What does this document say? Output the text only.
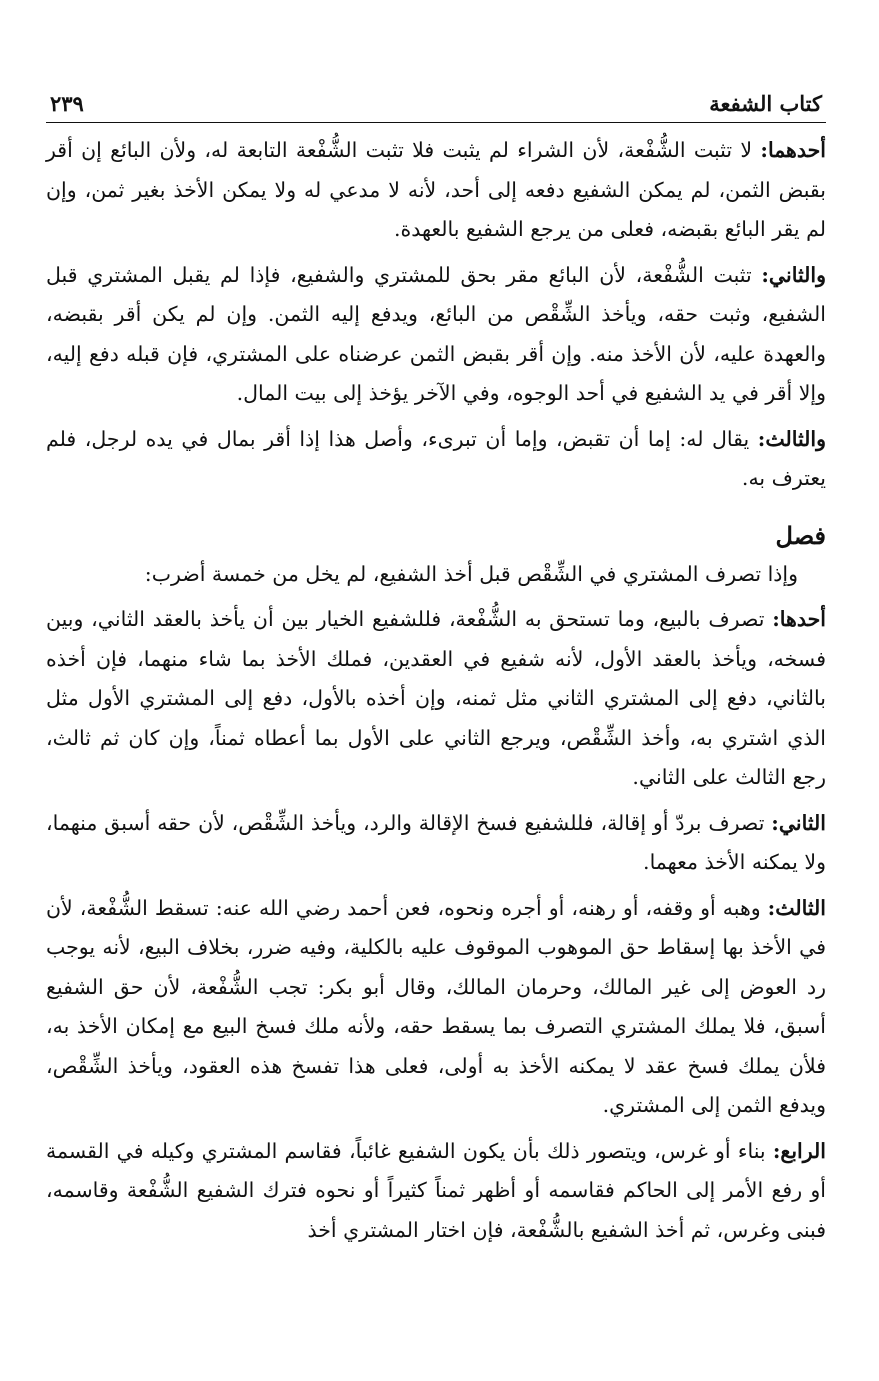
كتاب الشفعة
٢٣٩

أحدهما: لا تثبت الشُّفْعة، لأن الشراء لم يثبت فلا تثبت الشُّفْعة التابعة له، ولأن البائع إن أقر بقبض الثمن، لم يمكن الشفيع دفعه إلى أحد، لأنه لا مدعي له ولا يمكن الأخذ بغير ثمن، وإن لم يقر البائع بقبضه، فعلى من يرجع الشفيع بالعهدة.

والثاني: تثبت الشُّفْعة، لأن البائع مقر بحق للمشتري والشفيع، فإذا لم يقبل المشتري قبل الشفيع، وثبت حقه، ويأخذ الشِّقْص من البائع، ويدفع إليه الثمن. وإن لم يكن أقر بقبضه، والعهدة عليه، لأن الأخذ منه. وإن أقر بقبض الثمن عرضناه على المشتري، فإن قبله دفع إليه، وإلا أقر في يد الشفيع في أحد الوجوه، وفي الآخر يؤخذ إلى بيت المال.

والثالث: يقال له: إما أن تقبض، وإما أن تبرىء، وأصل هذا إذا أقر بمال في يده لرجل، فلم يعترف به.

فصل

وإذا تصرف المشتري في الشِّقْص قبل أخذ الشفيع، لم يخل من خمسة أضرب:

أحدها: تصرف بالبيع، وما تستحق به الشُّفْعة، فللشفيع الخيار بين أن يأخذ بالعقد الثاني، وبين فسخه، ويأخذ بالعقد الأول، لأنه شفيع في العقدين، فملك الأخذ بما شاء منهما، فإن أخذه بالثاني، دفع إلى المشتري الثاني مثل ثمنه، وإن أخذه بالأول، دفع إلى المشتري الأول مثل الذي اشتري به، وأخذ الشِّقْص، ويرجع الثاني على الأول بما أعطاه ثمناً، وإن كان ثم ثالث، رجع الثالث على الثاني.

الثاني: تصرف بردّ أو إقالة، فللشفيع فسخ الإقالة والرد، ويأخذ الشِّقْص، لأن حقه أسبق منهما، ولا يمكنه الأخذ معهما.

الثالث: وهبه أو وقفه، أو رهنه، أو أجره ونحوه، فعن أحمد رضي الله عنه: تسقط الشُّفْعة، لأن في الأخذ بها إسقاط حق الموهوب الموقوف عليه بالكلية، وفيه ضرر، بخلاف البيع، لأنه يوجب رد العوض إلى غير المالك، وحرمان المالك، وقال أبو بكر: تجب الشُّفْعة، لأن حق الشفيع أسبق، فلا يملك المشتري التصرف بما يسقط حقه، ولأنه ملك فسخ البيع مع إمكان الأخذ به، فلأن يملك فسخ عقد لا يمكنه الأخذ به أولى، فعلى هذا تفسخ هذه العقود، ويأخذ الشِّقْص، ويدفع الثمن إلى المشتري.

الرابع: بناء أو غرس، ويتصور ذلك بأن يكون الشفيع غائباً، فقاسم المشتري وكيله في القسمة أو رفع الأمر إلى الحاكم فقاسمه أو أظهر ثمناً كثيراً أو نحوه فترك الشفيع الشُّفْعة وقاسمه، فبنى وغرس، ثم أخذ الشفيع بالشُّفْعة، فإن اختار المشتري أخذ
